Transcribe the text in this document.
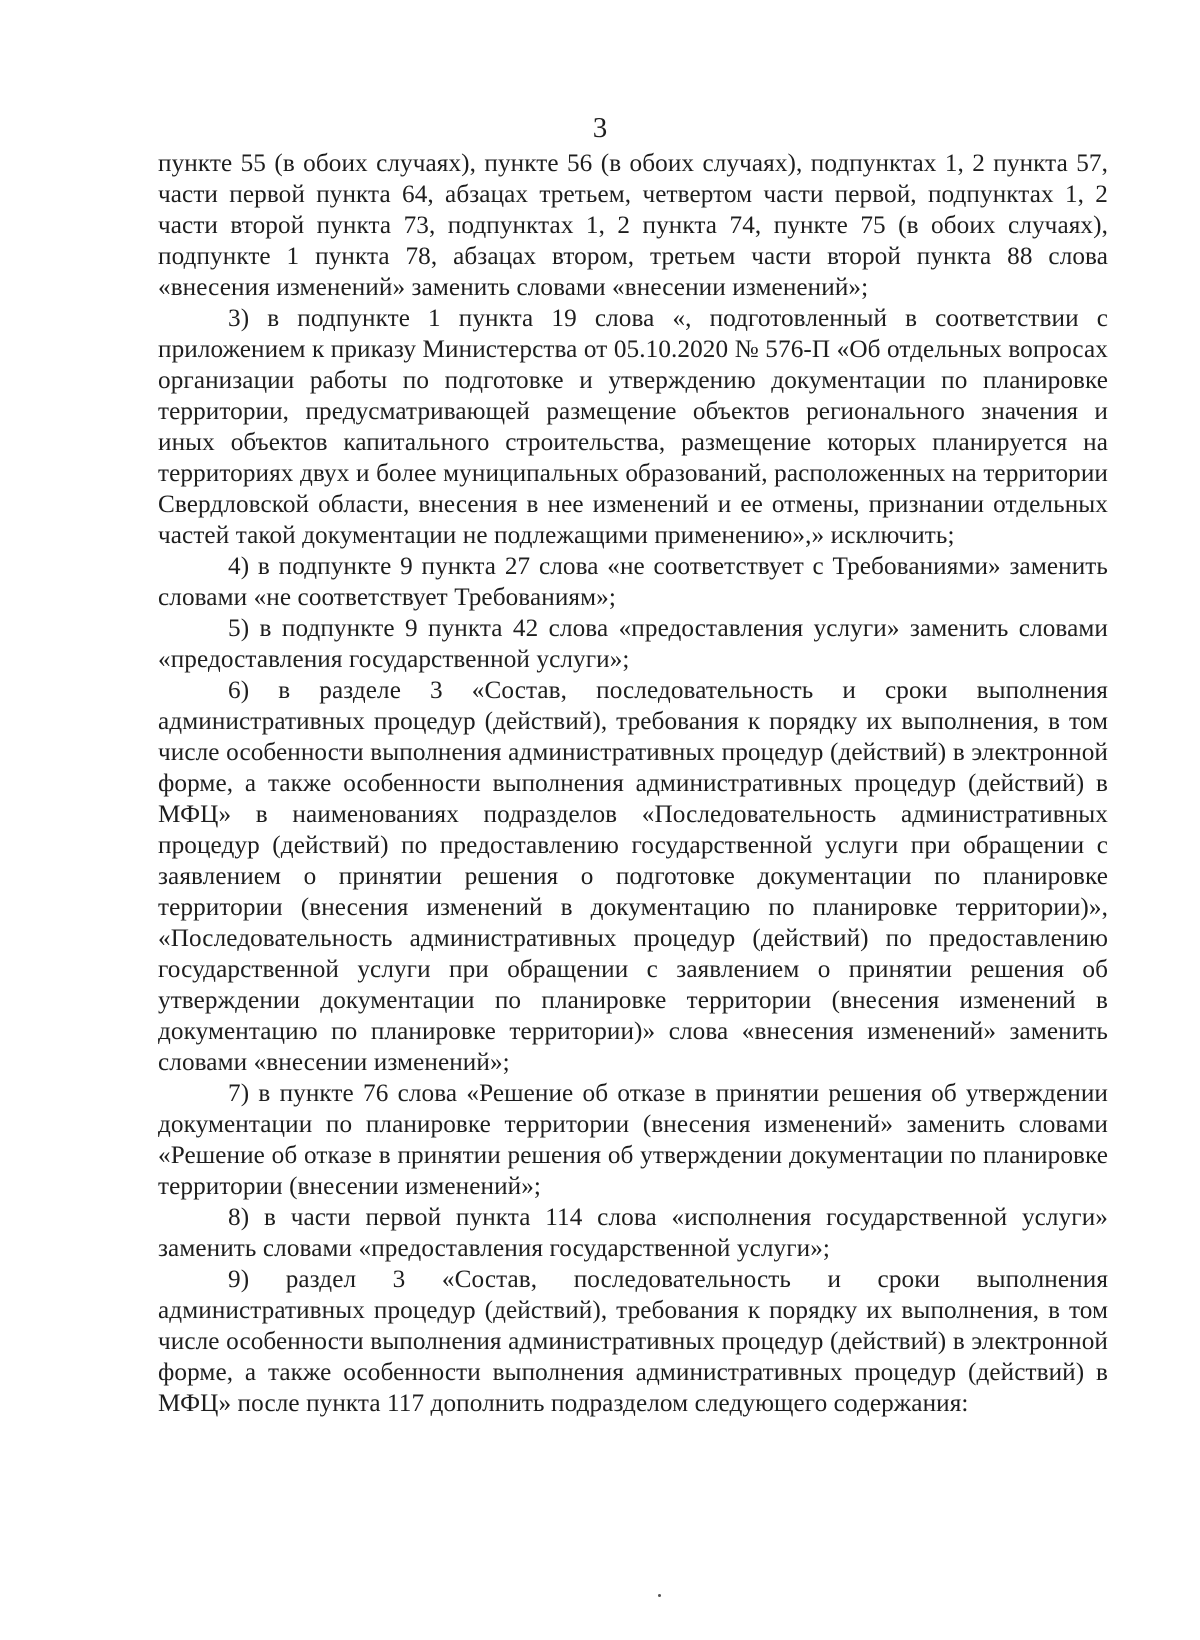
3

пункте 55 (в обоих случаях), пункте 56 (в обоих случаях), подпунктах 1, 2 пункта 57, части первой пункта 64, абзацах третьем, четвертом части первой, подпунктах 1, 2 части второй пункта 73, подпунктах 1, 2 пункта 74, пункте 75 (в обоих случаях), подпункте 1 пункта 78, абзацах втором, третьем части второй пункта 88 слова «внесения изменений» заменить словами «внесении изменений»;

3) в подпункте 1 пункта 19 слова «, подготовленный в соответствии с приложением к приказу Министерства от 05.10.2020 № 576-П «Об отдельных вопросах организации работы по подготовке и утверждению документации по планировке территории, предусматривающей размещение объектов регионального значения и иных объектов капитального строительства, размещение которых планируется на территориях двух и более муниципальных образований, расположенных на территории Свердловской области, внесения в нее изменений и ее отмены, признании отдельных частей такой документации не подлежащими применению»,» исключить;

4) в подпункте 9 пункта 27 слова «не соответствует с Требованиями» заменить словами «не соответствует Требованиям»;

5) в подпункте 9 пункта 42 слова «предоставления услуги» заменить словами «предоставления государственной услуги»;

6) в разделе 3 «Состав, последовательность и сроки выполнения административных процедур (действий), требования к порядку их выполнения, в том числе особенности выполнения административных процедур (действий) в электронной форме, а также особенности выполнения административных процедур (действий) в МФЦ» в наименованиях подразделов «Последовательность административных процедур (действий) по предоставлению государственной услуги при обращении с заявлением о принятии решения о подготовке документации по планировке территории (внесения изменений в документацию по планировке территории)», «Последовательность административных процедур (действий) по предоставлению государственной услуги при обращении с заявлением о принятии решения об утверждении документации по планировке территории (внесения изменений в документацию по планировке территории)» слова «внесения изменений» заменить словами «внесении изменений»;

7) в пункте 76 слова «Решение об отказе в принятии решения об утверждении документации по планировке территории (внесения изменений» заменить словами «Решение об отказе в принятии решения об утверждении документации по планировке территории (внесении изменений»;

8) в части первой пункта 114 слова «исполнения государственной услуги» заменить словами «предоставления государственной услуги»;

9) раздел 3 «Состав, последовательность и сроки выполнения административных процедур (действий), требования к порядку их выполнения, в том числе особенности выполнения административных процедур (действий) в электронной форме, а также особенности выполнения административных процедур (действий) в МФЦ» после пункта 117 дополнить подразделом следующего содержания:
